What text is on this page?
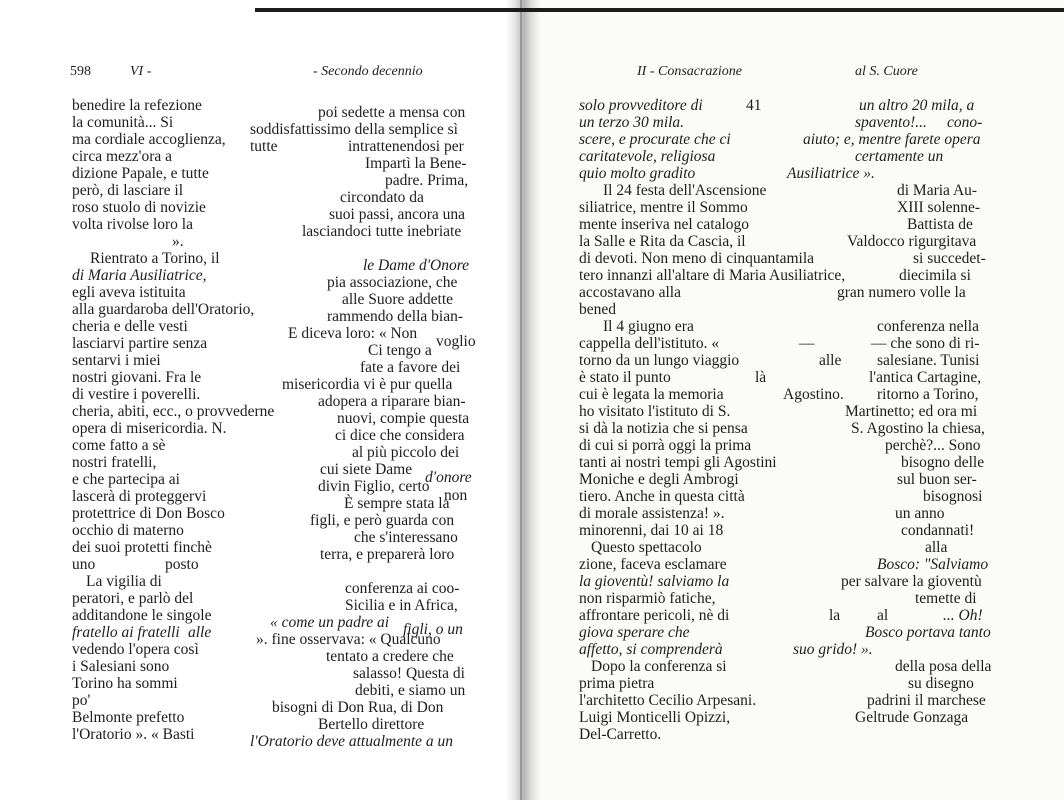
598	VI -	- Secondo decennio
benedire la refezione
la comunità... Si
ma cordiale accoglienza,
circa mezz'ora a
dizione Papale, e tutte
però, di lasciare il
roso stuolo di novizie
volta rivolse loro la
».
Rientrato a Torino, il
di Maria Ausiliatrice,
egli aveva istituita
alla guardaroba dell'Oratorio,
cheria e delle vesti
lasciarvi partire senza
sentarvi i miei
nostri giovani. Fra le
di vestire i poverelli.
cheria, abiti, ecc., o provvederne
opera di misericordia. N.
come fatto a sè
nostri fratelli,
e che partecipa ai
lascerà di proteggervi
protettrice di Don Bosco
occhio di materno
dei suoi protetti finchè
uno	posto
La vigilia di
peratori, e parlò del
additandone le singole
fratello ai fratelli alle
vedendo l'opera così
i Salesiani sono
Torino ha sommi
po'
Belmonte prefetto
l'Oratorio ». « Basti
poi sedette a mensa con
soddisfattissimo della semplice sì
tutte	intrattenendosi per
Impartì la Bene-
padre. Prima,
circondato da
suoi passi, ancora una
lasciandoci tutte inebriate
le Dame d'Onore
pia associazione, che
alle Suore addette
rammendo della bian-
E diceva loro: « Non voglio
Ci tengo a
fate a favore dei
misericordia vi è pur quella
adopera a riparare bian-
nuovi, compie questa
ci dice che considera
al più piccolo dei
cui siete Dame d'onore
divin Figlio, certo
non
È sempre stata la
figli, e però guarda con
che s'interessano
terra, e preparerà loro
conferenza ai coo-
Sicilia e in Africa,
« come un padre ai figli, o un
». fine osservava: « Qualcuno
tentato a credere che
salasso! Questa di
debiti, e siamo un
bisogni di Don Rua, di Don
Bertello direttore
l'Oratorio deve attualmente a un
II - Consacrazione	al S. Cuore
solo provveditore di	41
un terzo 30 mila.
scere, e procurate che ci
caritatevole, religiosa
quio molto gradito
Il 24 festa dell'Ascensione
siliatrice, mentre il Sommo
mente inseriva nel catalogo
la Salle e Rita da Cascia, il
di devoti. Non meno di cinquantamila
tero innanzi all'altare di Maria Ausiliatrice,
accostavano alla
bened
Il 4 giugno era
cappella dell'istituto. «
torno da un lungo viaggio
è stato il punto	là
cui è legata la memoria
ho visitato l'istituto di S.
si dà la notizia che si pensa
di cui si porrà oggi la prima
tanti ai nostri tempi gli Agostini
Moniche e degli Ambrogi
tiero. Anche in questa città
di morale assistenza! ».
minorenni, dai 10 ai 18
Questo spettacolo
zione, faceva esclamare
la gioventù! salviamo la
non risparmiò fatiche,
affrontare pericoli, nè di
giova sperare che
affetto, si comprenderà
Dopo la conferenza si
prima pietra
l'architetto Cecilio Arpesani.
Luigi Monticelli Opizzi,
Del-Carretto.
un altro 20 mila, a
spavento!... cono-
aiuto; e, mentre farete opera
certamente un
Ausiliatrice ».
di Maria Au-
XIII solenne-
Battista de
Valdocco rigurgitava
si succedet-
diecimila si
gran numero volle la
conferenza nella
—	— che sono di ri-
alle salesiane. Tunisi
l'antica Cartagine,
Agostino. ritorno a Torino,
Martinetto; ed ora mi
S. Agostino la chiesa,
perchè?... Sono
bisogno delle
sul buon ser-
bisognosi
un anno
condannati!
alla
Bosco: "Salviamo
per salvare la gioventù
temette di
la al	... Oh!
Bosco portava tanto
suo grido! ».
della posa della
su disegno
padrini il marchese
Geltrude Gonzaga
